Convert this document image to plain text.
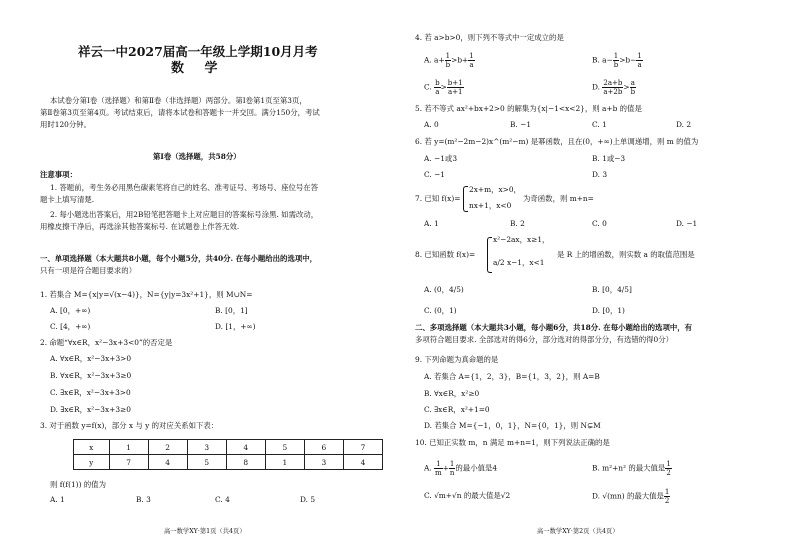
祥云一中2027届高一年级上学期10月月考
数 学
本试卷分第Ⅰ卷（选择题）和第Ⅱ卷（非选择题）两部分。第Ⅰ卷第1页至第3页，
第Ⅱ卷第3页至第4页。考试结束后，请将本试卷和答题卡一并交回。满分150分，考试
用时120分钟。
第Ⅰ卷（选择题，共58分）
注意事项：
1. 答题前，考生务必用黑色碳素笔将自己的姓名、准考证号、考场号、座位号在答
题卡上填写清楚.
2. 每小题选出答案后，用2B铅笔把答题卡上对应题目的答案标号涂黑. 如需改动，
用橡皮擦干净后，再选涂其他答案标号. 在试题卷上作答无效.
一、单项选择题（本大题共8小题，每个小题5分，共40分. 在每小题给出的选项中，
只有一项是符合题目要求的）
1. 若集合 M={x|y=√(x−4)}，N={y|y=3x²+1}，则 M∪N=
A. [0，+∞)	B. [0，1]
C. [4，+∞)	D. [1，+∞)
2. 命题“∀x∈R，x²−3x+3<0”的否定是
A. ∀x∈R，x²−3x+3>0
B. ∀x∈R，x²−3x+3≥0
C. ∃x∈R，x²−3x+3>0
D. ∃x∈R，x²−3x+3≥0
3. 对于函数 y=f(x)，部分 x 与 y 的对应关系如下表：
x	1	2	3	4	5	6	7
y	7	4	5	8	1	3	4
则 f(f(1)) 的值为
A. 1	B. 3	C. 4	D. 5
高一数学XY·第1页（共4页）
4. 若 a>b>0，则下列不等式中一定成立的是
A. $a+ \frac{1}{b} >b+ \frac{1}{a}$	B. $a- \frac{1}{b} >b- \frac{1}{a}$
C. $\frac{b}{a} > \frac{b+1}{a+1}$	D. $\frac{2a+b}{a+2b} > \frac{a}{b}$
5. 若不等式 ax²+bx+2>0 的解集为{x|−1<x<2}，则 a+b 的值是
A. 0	B. −1	C. 1	D. 2
6. 若 y=(m²−2m−2)x^(m²−m) 是幂函数，且在(0，+∞)上单调递增，则 m 的值为
A. −1或3	B. 1或−3
C. −1	D. 3
7. 已知 f(x)=
2x+m，x>0，
nx+1，x<0
为奇函数，则 m+n=
A. 1	B. 2	C. 0	D. −1
8. 已知函数 f(x)=
x²−2ax，x≥1，
a/2 x−1，x<1
是 R 上的增函数，则实数 a 的取值范围是
A. (0，4/5)	B. [0，4/5]
C. (0，1)	D. [0，1)
二、多项选择题（本大题共3小题，每小题6分，共18分. 在每小题给出的选项中，有
多项符合题目要求. 全部选对的得6分，部分选对的得部分分，有选错的得0分）
9. 下列命题为真命题的是
A. 若集合 A={1，2，3}，B={1，3，2}，则 A=B
B. ∀x∈R，x²≥0
C. ∃x∈R，x²+1=0
D. 若集合 M={−1，0，1}，N={0，1}，则 N⊊M
10. 已知正实数 m，n 满足 m+n=1，则下列说法正确的是
A. $\frac{1}{m} + \frac{1}{n}$ 的最小值是4	B. m²+n² 的最大值是 $\frac{1}{2}$
C. √m+√n 的最大值是√2	D. √(mn) 的最大值是 $\frac{1}{2}$
高一数学XY·第2页（共4页）
